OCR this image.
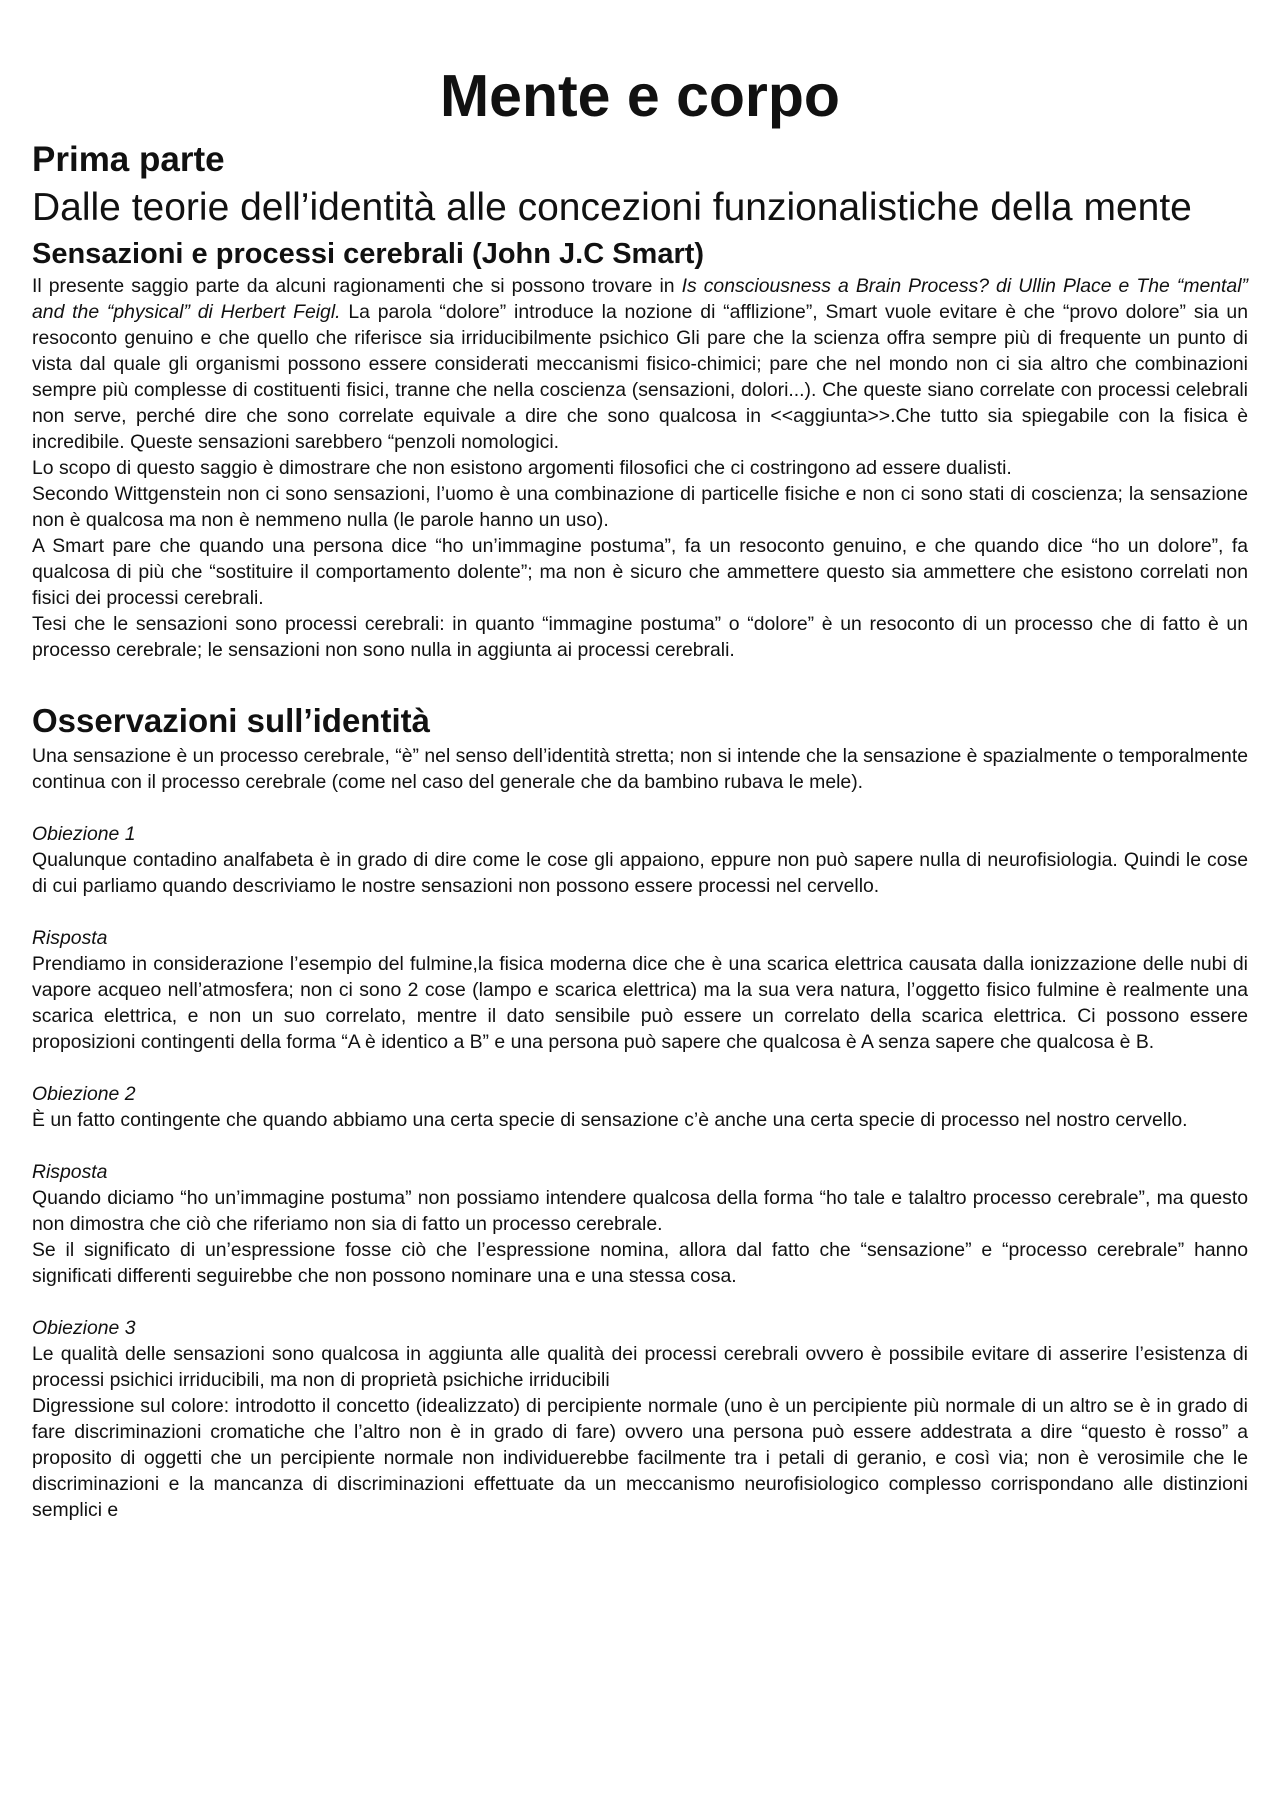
Mente e corpo
Prima parte
Dalle teorie dell’identità alle concezioni funzionalistiche della mente
Sensazioni e processi cerebrali (John J.C Smart)

Il presente saggio parte da alcuni ragionamenti che si possono trovare in Is consciousness a Brain Process? di Ullin Place e The “mental” and the “physical” di Herbert Feigl. La parola “dolore” introduce la nozione di “afflizione”, Smart vuole evitare è che “provo dolore” sia un resoconto genuino e che quello che riferisce sia irriducibilmente psichico Gli pare che la scienza offra sempre più di frequente un punto di vista dal quale gli organismi possono essere considerati meccanismi fisico-chimici; pare che nel mondo non ci sia altro che combinazioni sempre più complesse di costituenti fisici, tranne che nella coscienza (sensazioni, dolori...). Che queste siano correlate con processi celebrali non serve, perché dire che sono correlate equivale a dire che sono qualcosa in <<aggiunta>>.Che tutto sia spiegabile con la fisica è incredibile. Queste sensazioni sarebbero “penzoli nomologici.

Lo scopo di questo saggio è dimostrare che non esistono argomenti filosofici che ci costringono ad essere dualisti.

Secondo Wittgenstein non ci sono sensazioni, l’uomo è una combinazione di particelle fisiche e non ci sono stati di coscienza; la sensazione non è qualcosa ma non è nemmeno nulla (le parole hanno un uso).

A Smart pare che quando una persona dice “ho un’immagine postuma”, fa un resoconto genuino, e che quando dice “ho un dolore”, fa qualcosa di più che “sostituire il comportamento dolente”; ma non è sicuro che ammettere questo sia ammettere che esistono correlati non fisici dei processi cerebrali.

Tesi che le sensazioni sono processi cerebrali: in quanto “immagine postuma” o “dolore” è un resoconto di un processo che di fatto è un processo cerebrale; le sensazioni non sono nulla in aggiunta ai processi cerebrali.

Osservazioni sull’identità

Una sensazione è un processo cerebrale, “è” nel senso dell’identità stretta; non si intende che la sensazione è spazialmente o temporalmente continua con il processo cerebrale (come nel caso del generale che da bambino rubava le mele).

Obiezione 1

Qualunque contadino analfabeta è in grado di dire come le cose gli appaiono, eppure non può sapere nulla di neurofisiologia. Quindi le cose di cui parliamo quando descriviamo le nostre sensazioni non possono essere processi nel cervello.

Risposta

Prendiamo in considerazione l’esempio del fulmine,la fisica moderna dice che è una scarica elettrica causata dalla ionizzazione delle nubi di vapore acqueo nell’atmosfera; non ci sono 2 cose (lampo e scarica elettrica) ma la sua vera natura, l’oggetto fisico fulmine è realmente una scarica elettrica, e non un suo correlato, mentre il dato sensibile può essere un correlato della scarica elettrica. Ci possono essere proposizioni contingenti della forma “A è identico a B” e una persona può sapere che qualcosa è A senza sapere che qualcosa è B.

Obiezione 2

È un fatto contingente che quando abbiamo una certa specie di sensazione c’è anche una certa specie di processo nel nostro cervello.

Risposta

Quando diciamo “ho un’immagine postuma” non possiamo intendere qualcosa della forma “ho tale e talaltro processo cerebrale”, ma questo non dimostra che ciò che riferiamo non sia di fatto un processo cerebrale.

Se il significato di un’espressione fosse ciò che l’espressione nomina, allora dal fatto che “sensazione” e “processo cerebrale” hanno significati differenti seguirebbe che non possono nominare una e una stessa cosa.

Obiezione 3

Le qualità delle sensazioni sono qualcosa in aggiunta alle qualità dei processi cerebrali ovvero è possibile evitare di asserire l’esistenza di processi psichici irriducibili, ma non di proprietà psichiche irriducibili

Digressione sul colore: introdotto il concetto (idealizzato) di percipiente normale (uno è un percipiente più normale di un altro se è in grado di fare discriminazioni cromatiche che l’altro non è in grado di fare) ovvero una persona può essere addestrata a dire “questo è rosso” a proposito di oggetti che un percipiente normale non individuerebbe facilmente tra i petali di geranio, e così via; non è verosimile che le discriminazioni e la mancanza di discriminazioni effettuate da un meccanismo neurofisiologico complesso corrispondano alle distinzioni semplici e
